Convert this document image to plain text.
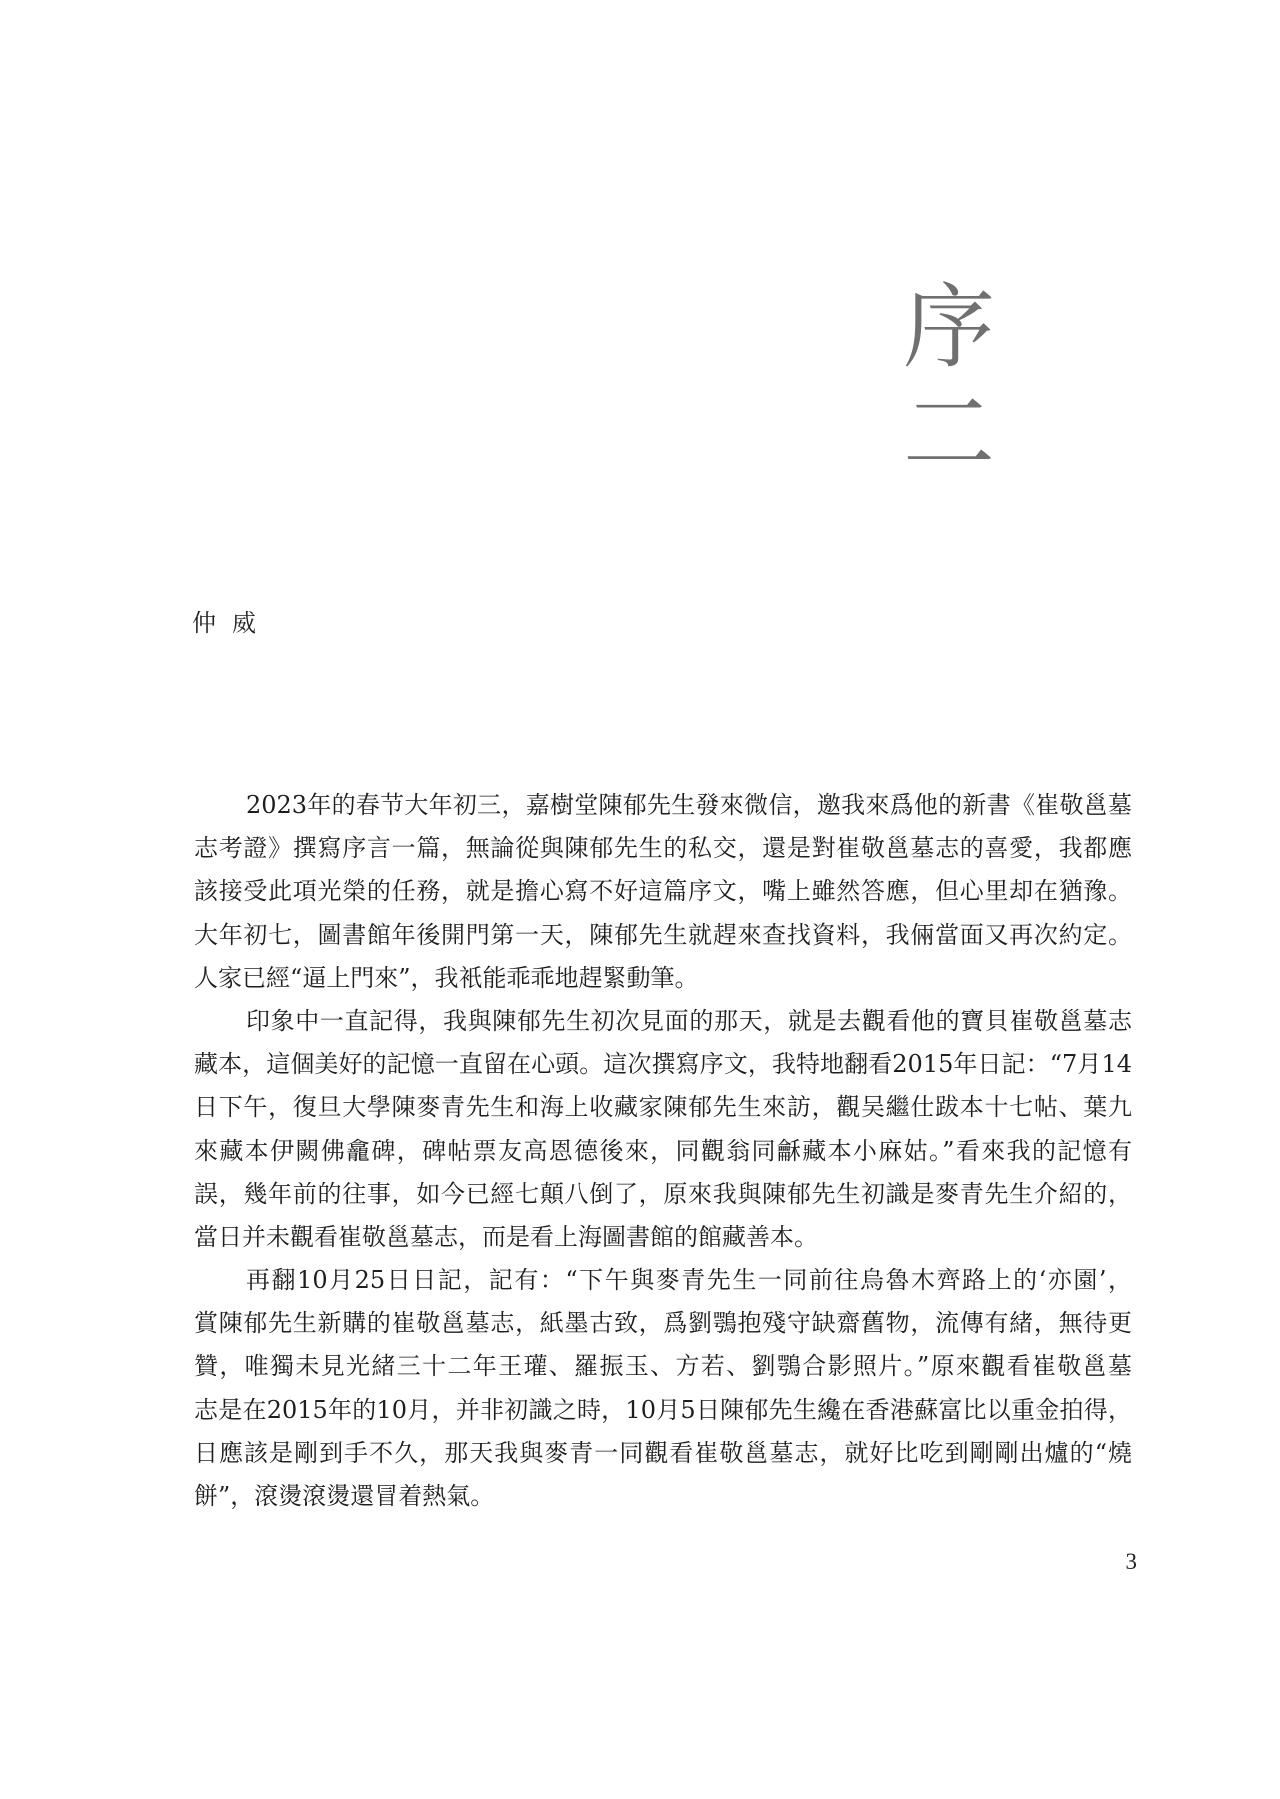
序
二
仲威
2023年的春节大年初三，嘉樹堂陳郁先生發來微信，邀我來爲他的新書《崔敬邕墓
志考證》撰寫序言一篇，無論從與陳郁先生的私交，還是對崔敬邕墓志的喜愛，我都應
該接受此項光榮的任務，就是擔心寫不好這篇序文，嘴上雖然答應，但心里却在猶豫。
大年初七，圖書館年後開門第一天，陳郁先生就趕來查找資料，我倆當面又再次約定。
人家已經“逼上門來”，我衹能乖乖地趕緊動筆。
印象中一直記得，我與陳郁先生初次見面的那天，就是去觀看他的寶貝崔敬邕墓志
藏本，這個美好的記憶一直留在心頭。這次撰寫序文，我特地翻看2015年日記：“7月14
日下午，復旦大學陳麥青先生和海上收藏家陳郁先生來訪，觀吴繼仕跋本十七帖、葉九
來藏本伊闕佛龕碑，碑帖票友高恩德後來，同觀翁同龢藏本小麻姑。”看來我的記憶有
誤，幾年前的往事，如今已經七顛八倒了，原來我與陳郁先生初識是麥青先生介紹的，
當日并未觀看崔敬邕墓志，而是看上海圖書館的館藏善本。
再翻10月25日日記，記有：“下午與麥青先生一同前往烏魯木齊路上的‘亦園’，
賞陳郁先生新購的崔敬邕墓志，紙墨古致，爲劉鶚抱殘守缺齋舊物，流傳有緒，無待更
贊，唯獨未見光緒三十二年王瓘、羅振玉、方若、劉鶚合影照片。”原來觀看崔敬邕墓
志是在2015年的10月，并非初識之時，10月5日陳郁先生纔在香港蘇富比以重金拍得，
日應該是剛到手不久，那天我與麥青一同觀看崔敬邕墓志，就好比吃到剛剛出爐的“燒
餅”，滾燙滾燙還冒着熱氣。
3
